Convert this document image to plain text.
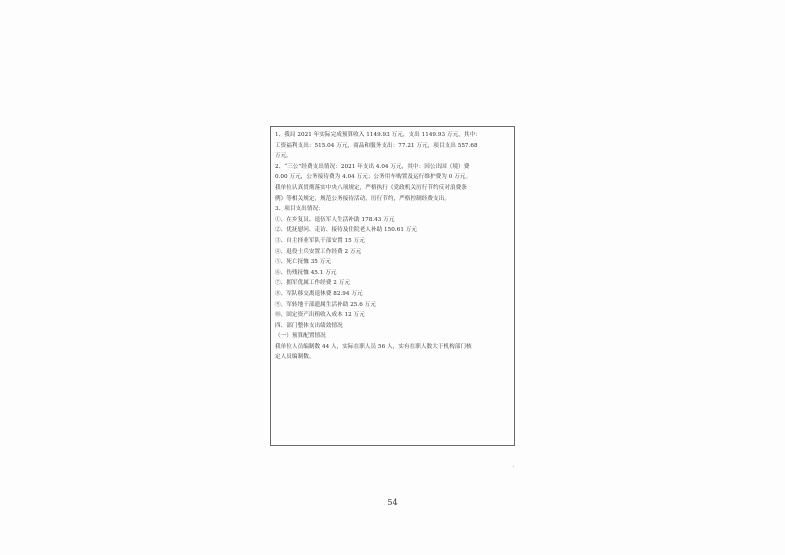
1、我局 2021 年实际完成预算收入 1149.93 万元，支出 1149.93 万元，其中：
工资福利支出：515.04 万元，商品和服务支出：77.21 万元，项目支出 557.68
万元。
2、“三公”经费支出情况：2021 年支出 4.04 万元，其中：因公出国（境）费
0.00 万元，公务接待费为 4.04 万元；公务用车购置及运行维护费为 0 万元。
我单位认真贯彻落实中央八项规定，严格执行《党政机关厉行节约反对浪费条
例》等相关规定，规范公务接待活动，厉行节约，严格控制经费支出。
3、项目支出情况：
①、在乡复员、退伍军人生活补助 178.43 万元
②、优抚慰问、走访、接待及住院老人补助 150.61 万元
③、自主择业军队干部安置 15 万元
④、退役士兵安置工作经费 2 万元
⑤、死亡抚恤 35 万元
⑥、伤残抚恤 45.1 万元
⑦、拥军优属工作经费 2 万元
⑧、军队移交离退休费 82.94 万元
⑨、军转地干部遗属生活补助 25.6 万元
⑩、固定资产出租收入成本 12 万元
四、部门整体支出绩效情况
（一）预算配置情况
我单位人员编制数 44 人，实际在职人员 56 人，实有在职人数大于机构部门核
定人员编制数。
54
